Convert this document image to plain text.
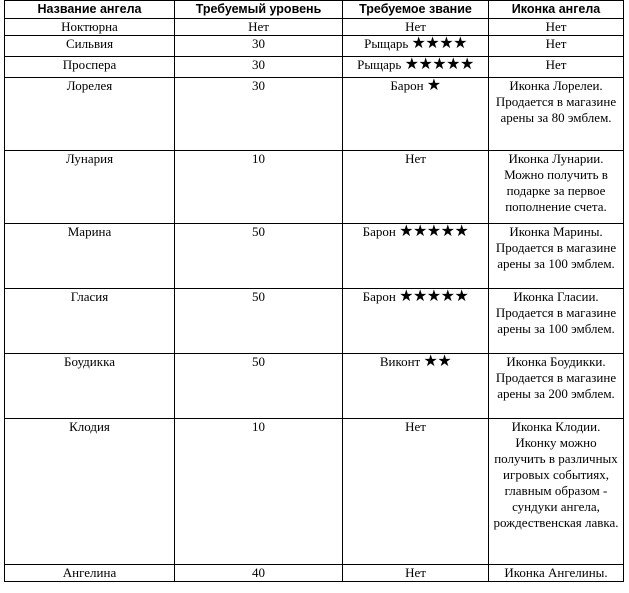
Название ангела	Требуемый уровень	Требуемое звание	Иконка ангела
Ноктюрна	Нет	Нет	Нет
Сильвия	30	Рыщарь ★★★★	Нет
Проспера	30	Рыщарь ★★★★★	Нет
Лорелея	30	Барон ★	Иконка Лорелеи. Продается в магазине арены за 80 эмблем.
Лунария	10	Нет	Иконка Лунарии. Можно получить в подарке за первое пополнение счета.
Марина	50	Барон ★★★★★	Иконка Марины. Продается в магазине арены за 100 эмблем.
Гласия	50	Барон ★★★★★	Иконка Гласии. Продается в магазине арены за 100 эмблем.
Боудикка	50	Виконт ★★	Иконка Боудикки. Продается в магазине арены за 200 эмблем.
Клодия	10	Нет	Иконка Клодии. Иконку можно получить в различных игровых событиях, главным образом - сундуки ангела, рождественская лавка.
Ангелина	40	Нет	Иконка Ангелины.
